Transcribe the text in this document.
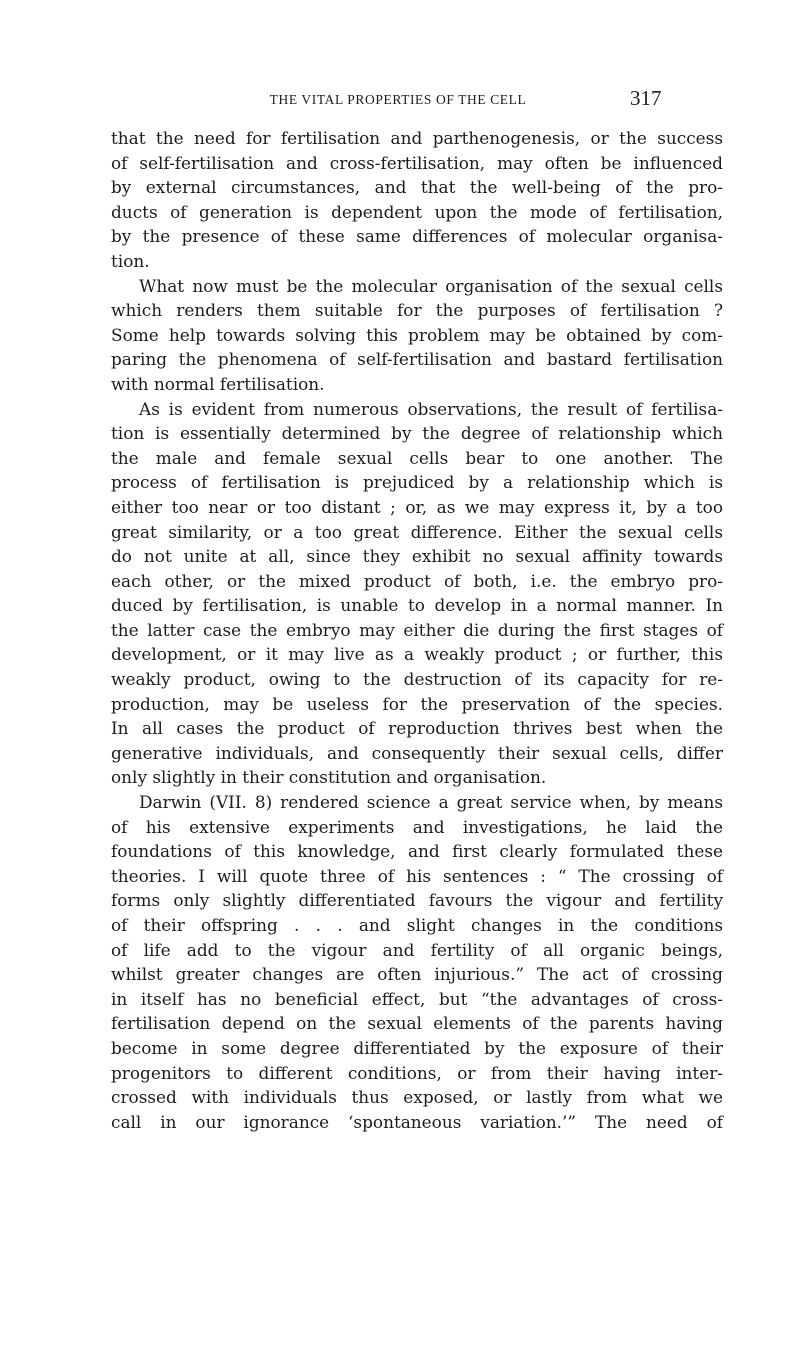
THE VITAL PROPERTIES OF THE CELL	317
that the need for fertilisation and parthenogenesis, or the success
of self-fertilisation and cross-fertilisation, may often be influenced
by external circumstances, and that the well-being of the pro-
ducts of generation is dependent upon the mode of fertilisation,
by the presence of these same differences of molecular organisa-
tion.
What now must be the molecular organisation of the sexual cells
which renders them suitable for the purposes of fertilisation ?
Some help towards solving this problem may be obtained by com-
paring the phenomena of self-fertilisation and bastard fertilisation
with normal fertilisation.
As is evident from numerous observations, the result of fertilisa-
tion is essentially determined by the degree of relationship which
the male and female sexual cells bear to one another. The
process of fertilisation is prejudiced by a relationship which is
either too near or too distant ; or, as we may express it, by a too
great similarity, or a too great difference. Either the sexual cells
do not unite at all, since they exhibit no sexual affinity towards
each other, or the mixed product of both, i.e. the embryo pro-
duced by fertilisation, is unable to develop in a normal manner. In
the latter case the embryo may either die during the first stages of
development, or it may live as a weakly product ; or further, this
weakly product, owing to the destruction of its capacity for re-
production, may be useless for the preservation of the species.
In all cases the product of reproduction thrives best when the
generative individuals, and consequently their sexual cells, differ
only slightly in their constitution and organisation.
Darwin (VII. 8) rendered science a great service when, by means
of his extensive experiments and investigations, he laid the
foundations of this knowledge, and first clearly formulated these
theories. I will quote three of his sentences : “ The crossing of
forms only slightly differentiated favours the vigour and fertility
of their offspring . . . and slight changes in the conditions
of life add to the vigour and fertility of all organic beings,
whilst greater changes are often injurious.” The act of crossing
in itself has no beneficial effect, but “the advantages of cross-
fertilisation depend on the sexual elements of the parents having
become in some degree differentiated by the exposure of their
progenitors to different conditions, or from their having inter-
crossed with individuals thus exposed, or lastly from what we
call in our ignorance ‘spontaneous variation.’” The need of
